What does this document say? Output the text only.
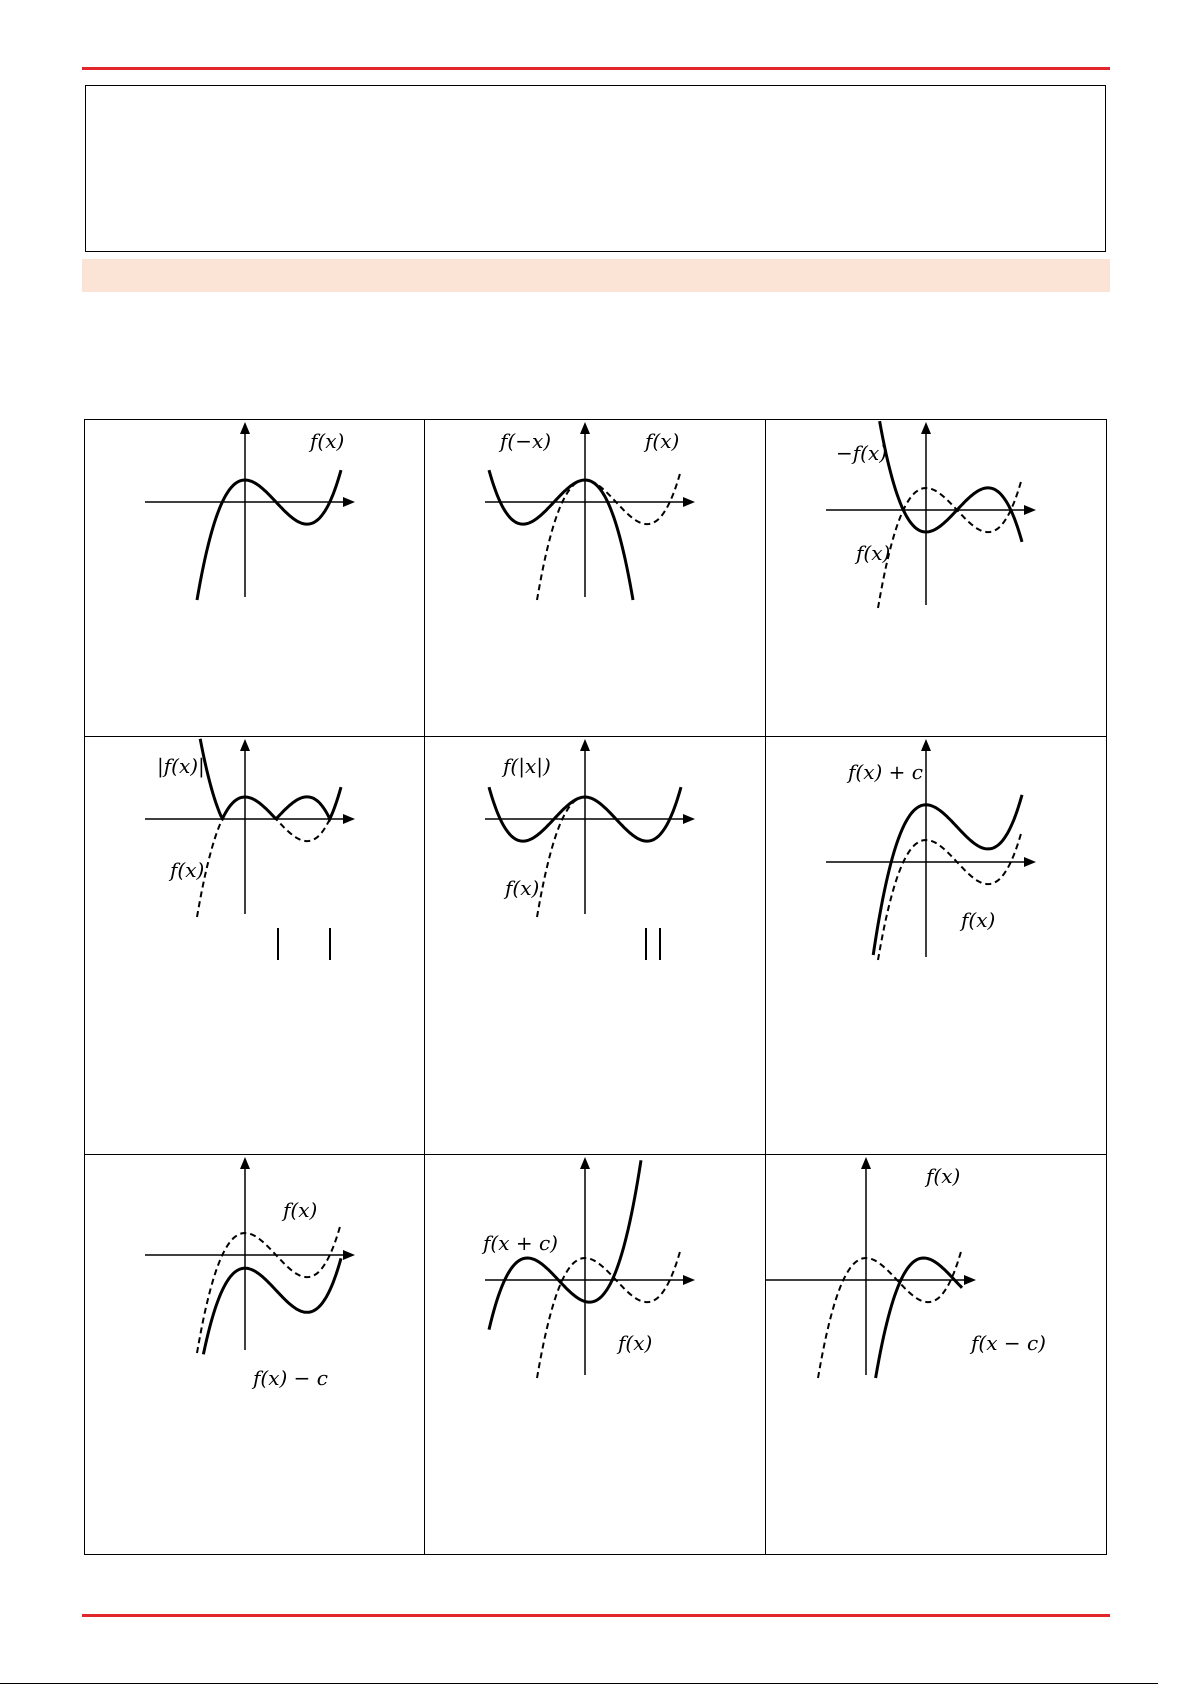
f(x)	f(−x)	f(x)	−f(x)
f(x)
|f(x)|
f(x)
f(|x|)
f(x)
f(x) + c
f(x)
f(x)
f(x) − c
f(x + c)
f(x)
f(x)
f(x − c)
